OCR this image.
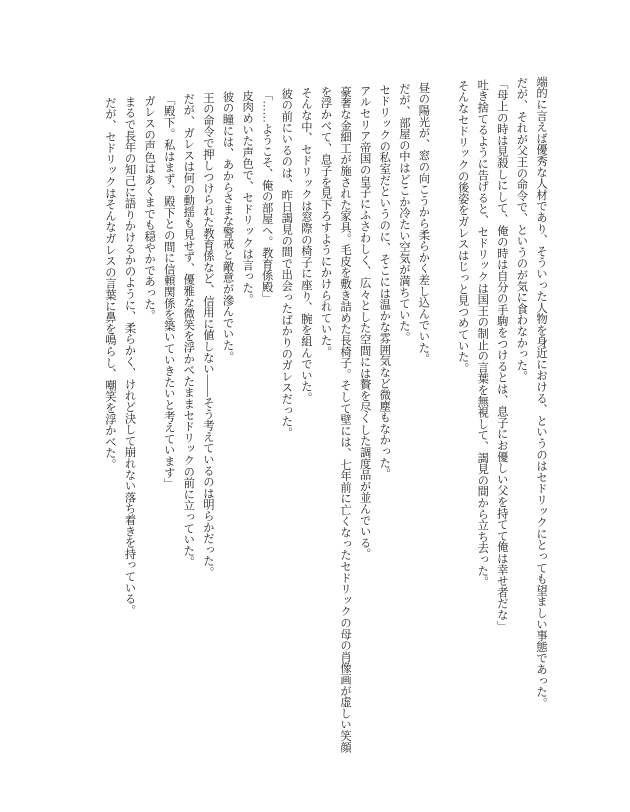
端的に言えば優秀な人材であり、そういった人物を身近における、というのはセドリックにとっても望ましい事態であった。

だが、それが父王の命令で、というのが気に食わなかった。

「母上の時は見殺しにして、俺の時は自分の手駒をつけるとは、息子にお優しい父を持てて俺は幸せ者だな」

吐き捨てるように告げると、セドリックは国王の制止の言葉を無視して、謁見の間から立ち去った。

そんなセドリックの後姿をガレスはじっと見つめていた。

昼の陽光が、窓の向こうから柔らかく差し込んでいた。

だが、部屋の中はどこか冷たい空気が満ちていた。

セドリックの私室だというのに、そこには温かな雰囲気など微塵もなかった。

アルセリア帝国の皇子にふさわしく、広々とした空間には贅を尽くした調度品が並んでいる。

豪奢な金細工が施された家具。毛皮を敷き詰めた長椅子。そして壁には、七年前に亡くなったセドリックの母の肖像画が虚しい笑顔

を浮かべて、息子を見下ろすようにかけられていた。

そんな中、セドリックは窓際の椅子に座り、腕を組んでいた。

彼の前にいるのは、昨日謁見の間で出会ったばかりのガレスだった。

「……ようこそ、俺の部屋へ。教育係殿」

皮肉めいた声色で、セドリックは言った。

彼の瞳には、あからさまな警戒と敵意が滲んでいた。

王の命令で押しつけられた教育係など、信用に値しない——そう考えているのは明らかだった。

だが、ガレスは何の動揺も見せず、優雅な微笑を浮かべたままセドリックの前に立っていた。

「殿下。私はまず、殿下との間に信頼関係を築いていきたいと考えています」

ガレスの声色はあくまでも穏やかであった。

まるで長年の知己に語りかけるかのように、柔らかく、けれど決して崩れない落ち着きを持っている。

だが、セドリックはそんなガレスの言葉に鼻を鳴らし、嘲笑を浮かべた。
